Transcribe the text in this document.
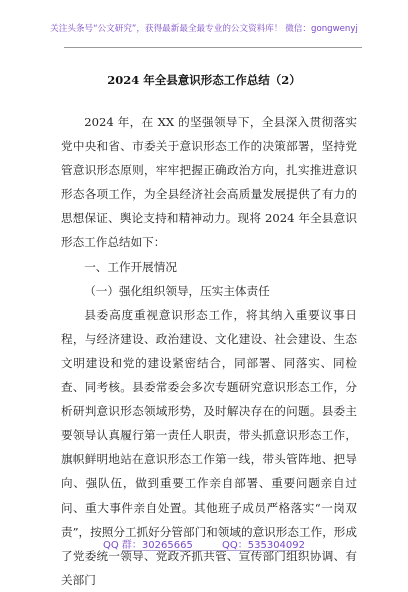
关注头条号“公文研究”，获得最新最全最专业的公文资料库！ 微信：gongwenyj
2024 年全县意识形态工作总结（2）

2024 年，在 XX 的坚强领导下，全县深入贯彻落实党中央和省、市委关于意识形态工作的决策部署，坚持党管意识形态原则，牢牢把握正确政治方向，扎实推进意识形态各项工作，为全县经济社会高质量发展提供了有力的思想保证、舆论支持和精神动力。现将 2024 年全县意识形态工作总结如下：

一、工作开展情况

（一）强化组织领导，压实主体责任

县委高度重视意识形态工作，将其纳入重要议事日程，与经济建设、政治建设、文化建设、社会建设、生态文明建设和党的建设紧密结合，同部署、同落实、同检查、同考核。县委常委会多次专题研究意识形态工作，分析研判意识形态领域形势，及时解决存在的问题。县委主要领导认真履行第一责任人职责，带头抓意识形态工作，旗帜鲜明地站在意识形态工作第一线，带头管阵地、把导向、强队伍，做到重要工作亲自部署、重要问题亲自过问、重大事件亲自处置。其他班子成员严格落实“一岗双责”，按照分工抓好分管部门和领域的意识形态工作，形成了党委统一领导、党政齐抓共管、宣传部门组织协调、有关部门

QQ 群：30265665	QQ：535304092
